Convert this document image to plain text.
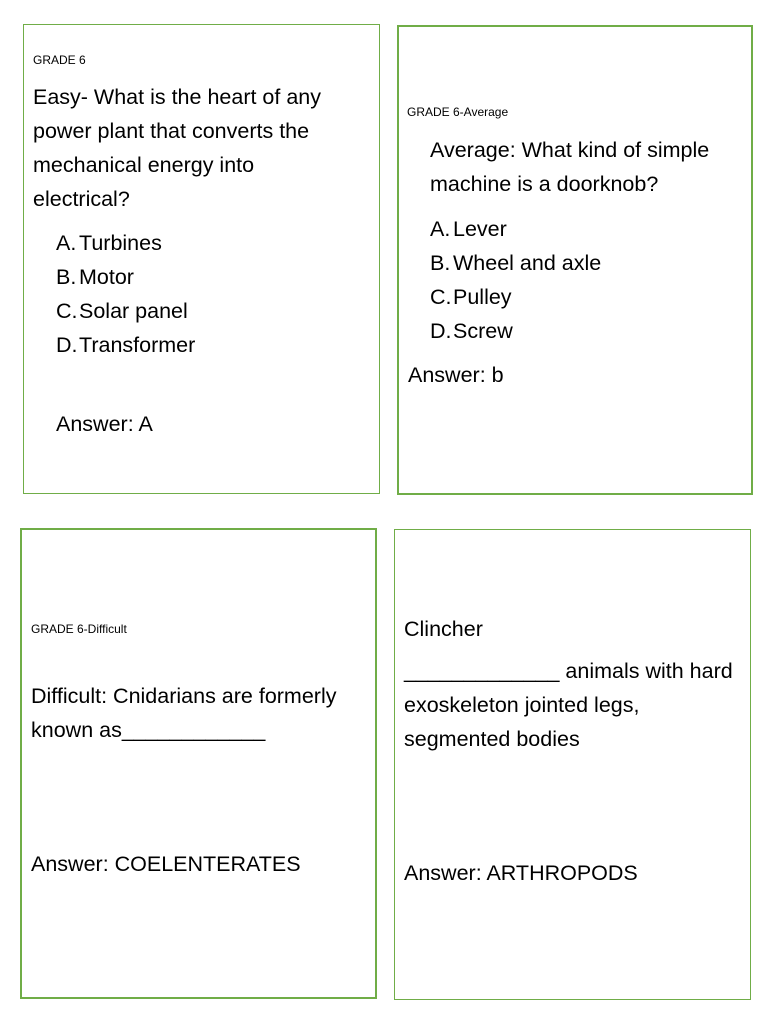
GRADE 6
Easy- What is the heart of any power plant that converts the mechanical energy into electrical?
A. Turbines
B. Motor
C.Solar panel
D.Transformer
Answer: A
GRADE 6-Average
Average: What kind of simple machine is a doorknob?
A. Lever
B. Wheel and axle
C.Pulley
D.Screw
Answer: b
GRADE 6-Difficult
Difficult: Cnidarians are formerly known as____________
Answer: COELENTERATES
Clincher
_____________ animals with hard exoskeleton jointed legs, segmented bodies
Answer: ARTHROPODS
